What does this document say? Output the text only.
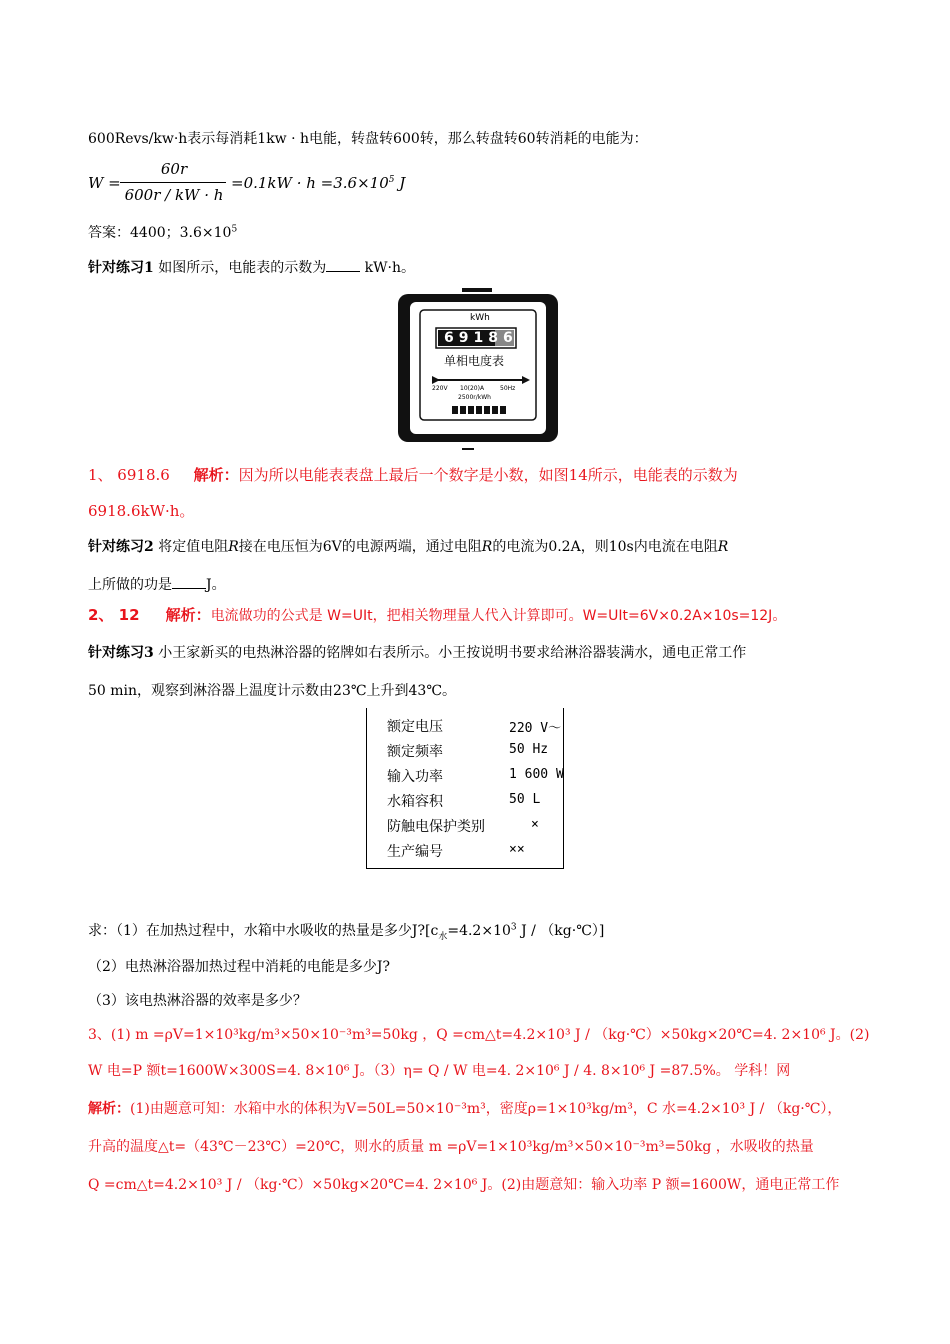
600Revs/kw·h表示每消耗1kw · h电能，转盘转600转，那么转盘转60转消耗的电能为：
W =
60r
600r / kW · h
$=0.1kW \cdot h =3.6\times 10^5$ J
答案：4400；$3.6\times 10^5$
针对练习1 如图所示，电能表的示数为	kW·h。
kWh
69186
单相电度表
220V 10(20)A	50Hz
2500r/kWh
1、 6918.6 解析：因为所以电能表表盘上最后一个数字是小数，如图14所示，电能表的示数为
6918.6kW·h。
针对练习2 将定值电阻R接在电压恒为6V的电源两端，通过电阻R的电流为0.2A，则10s内电流在电阻R
上所做的功是 J。
2、 12 解析：电流做功的公式是 W=UIt，把相关物理量人代入计算即可。W=UIt=6V×0.2A×10s=12J。
针对练习3 小王家新买的电热淋浴器的铭牌如右表所示。小王按说明书要求给淋浴器装满水，通电正常工作
50 min，观察到淋浴器上温度计示数由23℃上升到43℃。
额定电压	220 V～
额定频率	50 Hz
输入功率	1 600 W
水箱容积	50 L
防触电保护类别	×
生产编号	××
求：（1）在加热过程中，水箱中水吸收的热量是多少$J?[c_水=4.2\times 10^3$ J / （kg·℃）]
（2）电热淋浴器加热过程中消耗的电能是多少J?
（3）该电热淋浴器的效率是多少？
3、(1) m =ρV=1×10³kg/m³×50×10⁻³m³=50kg ，Q =cm△t=4.2×10³ J / （kg·℃）×50kg×20℃=4. 2×10⁶ J。(2)
W 电=P 额t=1600W×300S=4. 8×10⁶ J。（3）η= Q / W 电=4. 2×10⁶ J / 4. 8×10⁶ J =87.5%。 学科！网
解析：(1)由题意可知：水箱中水的体积为V=50L=50×10⁻³m³，密度ρ=1×10³kg/m³，C 水=4.2×10³ J / （kg·℃），
升高的温度△t=（43℃－23℃）=20℃，则水的质量 m =ρV=1×10³kg/m³×50×10⁻³m³=50kg ，水吸收的热量
Q =cm△t=4.2×10³ J / （kg·℃）×50kg×20℃=4. 2×10⁶ J。(2)由题意知：输入功率 P 额=1600W，通电正常工作
